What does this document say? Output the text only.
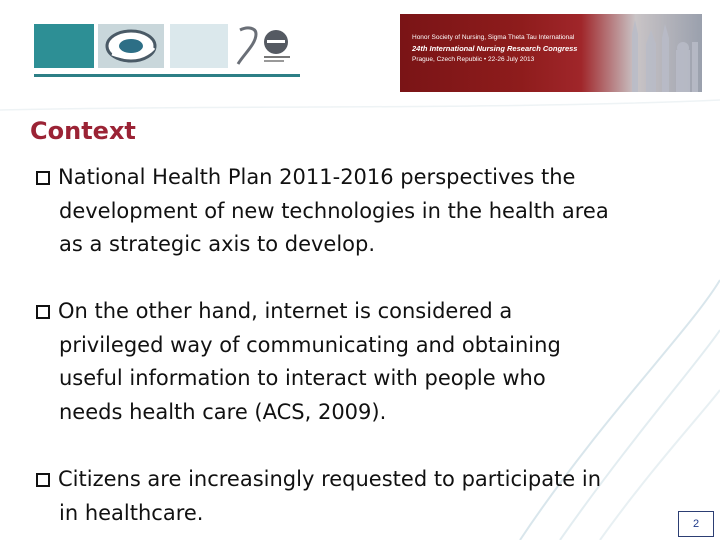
Honor Society of Nursing, Sigma Theta Tau International
24th International Nursing Research Congress
Prague, Czech Republic • 22-26 July 2013
Context
National Health Plan 2011-2016 perspectives the
development of new technologies in the health area
as a strategic axis to develop.
On the other hand, internet is considered a
privileged way of communicating and obtaining
useful information to interact with people who
needs health care (ACS, 2009).
Citizens are increasingly requested to participate in
in healthcare.	2
